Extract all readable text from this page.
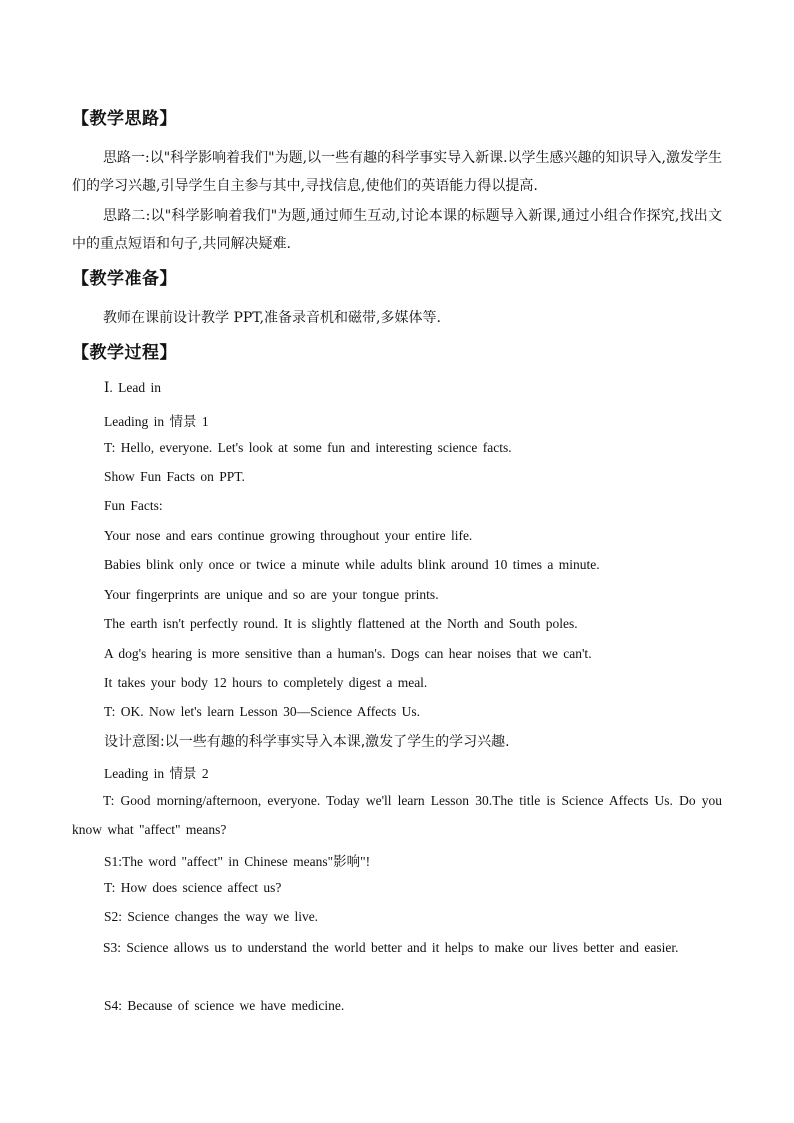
【教学思路】

思路一:以"科学影响着我们"为题,以一些有趣的科学事实导入新课.以学生感兴趣的知识导入,激发学生们的学习兴趣,引导学生自主参与其中,寻找信息,使他们的英语能力得以提高.

思路二:以"科学影响着我们"为题,通过师生互动,讨论本课的标题导入新课,通过小组合作探究,找出文中的重点短语和句子,共同解决疑难.

【教学准备】

教师在课前设计教学 PPT,准备录音机和磁带,多媒体等.

【教学过程】

Ⅰ. Lead in

Leading in 情景 1

T: Hello, everyone. Let's look at some fun and interesting science facts.

Show Fun Facts on PPT.

Fun Facts:

Your nose and ears continue growing throughout your entire life.

Babies blink only once or twice a minute while adults blink around 10 times a minute.

Your fingerprints are unique and so are your tongue prints.

The earth isn't perfectly round. It is slightly flattened at the North and South poles.

A dog's hearing is more sensitive than a human's. Dogs can hear noises that we can't.

It takes your body 12 hours to completely digest a meal.

T: OK. Now let's learn Lesson 30—Science Affects Us.

设计意图:以一些有趣的科学事实导入本课,激发了学生的学习兴趣.

Leading in 情景 2

T: Good morning/afternoon, everyone. Today we'll learn Lesson 30.The title is Science Affects Us. Do you know what "affect" means?

S1:The word "affect" in Chinese means"影响"!

T: How does science affect us?

S2: Science changes the way we live.

S3: Science allows us to understand the world better and it helps to make our lives better and easier.

S4: Because of science we have medicine.
